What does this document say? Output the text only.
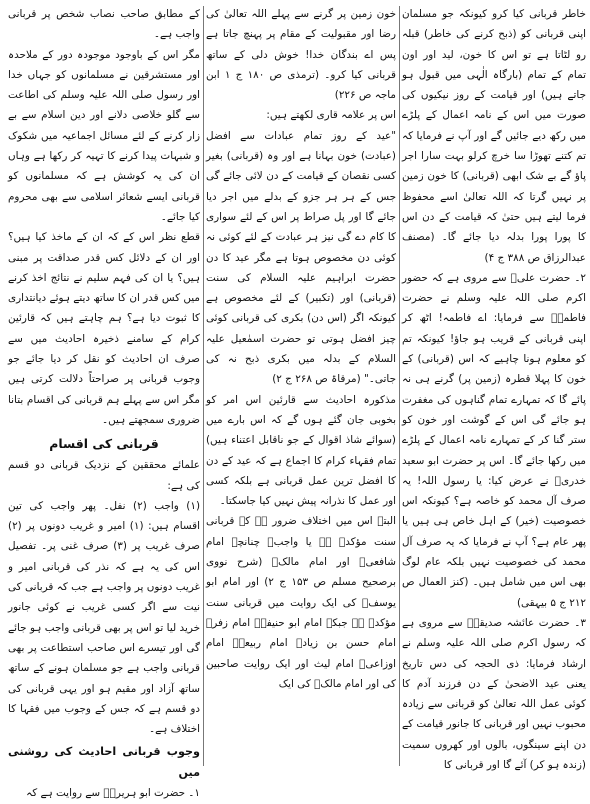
خاطر قربانی کیا کرو کیونکہ جو مسلمان اپنی قربانی کو (ذبح کرنے کی خاطر) قبلہ رو لٹاتا ہے تو اس کا خون، لید اور اون تمام کے تمام (بارگاہ الٰہی میں قبول ہو جاتے ہیں) اور قیامت کے روز نیکیوں کی صورت میں اس کے نامہ اعمال کے پلڑے میں رکھ دیے جائیں گے اور آپ نے فرمایا کہ تم کتنے تھوڑا سا خرچ کرلو بہت سارا اجر پاؤ گے بے شک ابھی (قربانی) کا خون زمین پر نہیں گرتا کہ اللہ تعالیٰ اسے محفوظ فرما لیتے ہیں حتیٰ کہ قیامت کے دن اس کا پورا پورا بدلہ دیا جائے گا۔ (مصنف عبدالرزاق ص ۳۸۸ ج ۴)

۲۔ حضرت علیؓ سے مروی ہے کہ حضور اکرم صلی اللہ علیہ وسلم نے حضرت فاطمہؓ سے فرمایا: اے فاطمہ! اٹھ کر اپنی قربانی کے قریب ہو جاؤ! کیونکہ تم کو معلوم ہونا چاہیے کہ اس (قربانی) کے خون کا پہلا قطرہ (زمین پر) گرنے ہی نہ پائے گا کہ تمہارے تمام گناہوں کی مغفرت ہو جائے گی اس کے گوشت اور خون کو ستر گنا کر کے تمہارے نامہ اعمال کے پلڑے میں رکھا جائے گا۔ اس پر حضرت ابو سعید خدریؓ نے عرض کیا: یا رسول اللہ! یہ صرف آل محمد کو خاصہ ہے؟ کیونکہ اس خصوصیت (خیر) کے اہل خاص ہی ہیں یا پھر عام ہے؟ آپ نے فرمایا کہ یہ صرف آل محمد کی خصوصیت نہیں بلکہ عام لوگ بھی اس میں شامل ہیں۔ (کنز العمال ص ۲۱۲ ج ۵ بیہقی)

۳۔ حضرت عائشہ صدیقہؓ سے مروی ہے کہ رسول اکرم صلی اللہ علیہ وسلم نے ارشاد فرمایا: ذی الحجہ کی دس تاریخ یعنی عید الاضحیٰ کے دن فرزند آدم کا کوئی عمل اللہ تعالیٰ کو قربانی سے زیادہ محبوب نہیں اور قربانی کا جانور قیامت کے دن اپنے سینگوں، بالوں اور کھروں سمیت (زندہ ہو کر) آئے گا اور قربانی کا

خون زمین پر گرنے سے پہلے اللہ تعالیٰ کی رضا اور مقبولیت کے مقام پر پہنچ جاتا ہے پس اے بندگان خدا! خوش دلی کے ساتھ قربانی کیا کرو۔ (ترمذی ص ۱۸۰ ج ۱ ابن ماجہ ص ۲۲۶)

اس پر علامہ قاری لکھتے ہیں:

"عید کے روز تمام عبادات سے افضل (عبادت) خون بہانا ہے اور وہ (قربانی) بغیر کسی نقصان کے قیامت کے دن لائی جائے گی جس کے ہر ہر جزو کے بدلے میں اجر دیا جائے گا اور پل صراط پر اس کے لئے سواری کا کام دے گی نیز ہر عبادت کے لئے کوئی نہ کوئی دن مخصوص ہوتا ہے مگر عید کا دن حضرت ابراہیم علیہ السلام کی سنت (قربانی) اور (تکبیر) کے لئے مخصوص ہے کیونکہ اگر (اس دن) بکری کی قربانی کوئی چیز افضل ہوتی تو حضرت اسمٰعیل علیہ السلام کے بدلہ میں بکری ذبح نہ کی جاتی۔" (مرقاۃ ص ۲۶۸ ج ۲)

مذکورہ احادیث سے قارئین اس امر کو بخوبی جان گئے ہوں گے کہ اس بارے میں (سوائے شاذ اقوال کے جو ناقابل اعتناء ہیں) تمام فقہاء کرام کا اجماع ہے کہ عید کے دن کا افضل ترین عمل قربانی ہے بلکہ کسی اور عمل کا نذرانہ پیش نہیں کیا جاسکتا۔

البتہ اس میں اختلاف ضرور ہے کہ قربانی سنت مؤکدہ ہے یا واجب۔ چنانچہ امام شافعیؒ اور امام مالکؒ (شرح نووی برصحیح مسلم ص ۱۵۳ ج ۲) اور امام ابو یوسفؒ کی ایک روایت میں قربانی سنت مؤکدہ ہے جبکہ امام ابو حنیفہؒ امام زفرؒ امام حسن بن زیادؒ امام ربیعہؒ امام اوزاعیؒ امام لیث اور ایک روایت صاحبین کی اور امام مالکؒ کی ایک

کے مطابق صاحب نصاب شخص پر قربانی واجب ہے۔

مگر اس کے باوجود موجودہ دور کے ملاحدہ اور مستشرقین نے مسلمانوں کو جہاں خدا اور رسول صلی اللہ علیہ وسلم کی اطاعت سے گلو خلاصی دلانے اور دین اسلام سے بے زار کرنے کے لئے مسائل اجماعیہ میں شکوک و شبہات پیدا کرنے کا تہیہ کر رکھا ہے وہاں ان کی یہ کوشش ہے کہ مسلمانوں کو قربانی ایسے شعائر اسلامی سے بھی محروم کیا جائے۔

قطع نظر اس کے کہ ان کے ماخذ کیا ہیں؟ اور ان کے دلائل کس قدر صداقت پر مبنی ہیں؟ یا ان کی فہم سلیم نے نتائج اخذ کرنے میں کس قدر ان کا ساتھ دیتے ہوئے دیانتداری کا ثبوت دیا ہے؟ ہم چاہتے ہیں کہ قارئین کرام کے سامنے ذخیرہ احادیث میں سے صرف ان احادیث کو نقل کر دیا جائے جو وجوب قربانی پر صراحتاً دلالت کرتی ہیں مگر اس سے پہلے ہم قربانی کی اقسام بتانا ضروری سمجھتے ہیں۔

قربانی کی اقسام

علمائے محققین کے نزدیک قربانی دو قسم کی ہے:

(۱) واجب (۲) نفل۔ پھر واجب کی تین اقسام ہیں: (۱) امیر و غریب دونوں پر (۲) صرف غریب پر (۳) صرف غنی پر۔ تفصیل اس کی یہ ہے کہ نذر کی قربانی امیر و غریب دونوں پر واجب ہے جب کہ قربانی کی نیت سے اگر کسی غریب نے کوئی جانور خرید لیا تو اس پر بھی قربانی واجب ہو جائے گی اور تیسرے اس صاحب استطاعت پر بھی قربانی واجب ہے جو مسلمان ہونے کے ساتھ ساتھ آزاد اور مقیم ہو اور یہی قربانی کی دو قسم ہے کہ جس کے وجوب میں فقہا کا اختلاف ہے۔

وجوب قربانی احادیث کی روشنی میں

۱۔ حضرت ابو ہریرہؓ سے روایت ہے کہ
